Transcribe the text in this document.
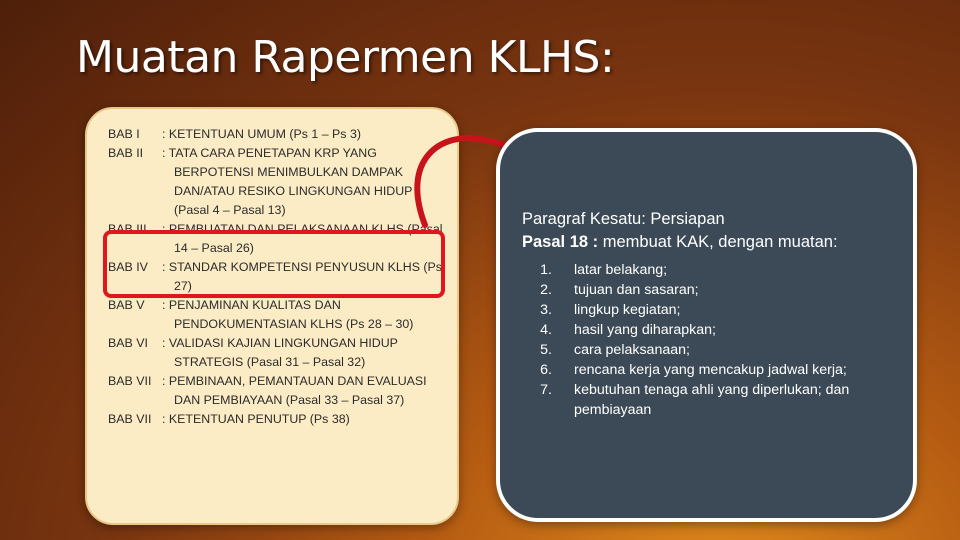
Muatan Rapermen KLHS:
BAB I	: KETENTUAN UMUM (Ps 1 – Ps 3)
BAB II	: TATA CARA PENETAPAN KRP YANG BERPOTENSI MENIMBULKAN DAMPAK DAN/ATAU RESIKO LINGKUNGAN HIDUP (Pasal 4 – Pasal 13)
BAB III	: PEMBUATAN DAN PELAKSANAAN KLHS (Pasal 14 – Pasal 26)
BAB IV	: STANDAR KOMPETENSI PENYUSUN KLHS (Ps 27)
BAB V	: PENJAMINAN KUALITAS DAN PENDOKUMENTASIAN KLHS (Ps 28 – 30)
BAB VI	: VALIDASI KAJIAN LINGKUNGAN HIDUP STRATEGIS (Pasal 31 – Pasal 32)
BAB VII : PEMBINAAN, PEMANTAUAN DAN EVALUASI DAN PEMBIAYAAN (Pasal 33 – Pasal 37)
BAB VII : KETENTUAN PENUTUP (Ps 38)
Paragraf Kesatu: Persiapan
Pasal 18 : membuat KAK, dengan muatan:
1.	latar belakang;
2.	tujuan dan sasaran;
3.	lingkup kegiatan;
4.	hasil yang diharapkan;
5.	cara pelaksanaan;
6.	rencana kerja yang mencakup jadwal kerja;
7.	kebutuhan tenaga ahli yang diperlukan; dan pembiayaan
